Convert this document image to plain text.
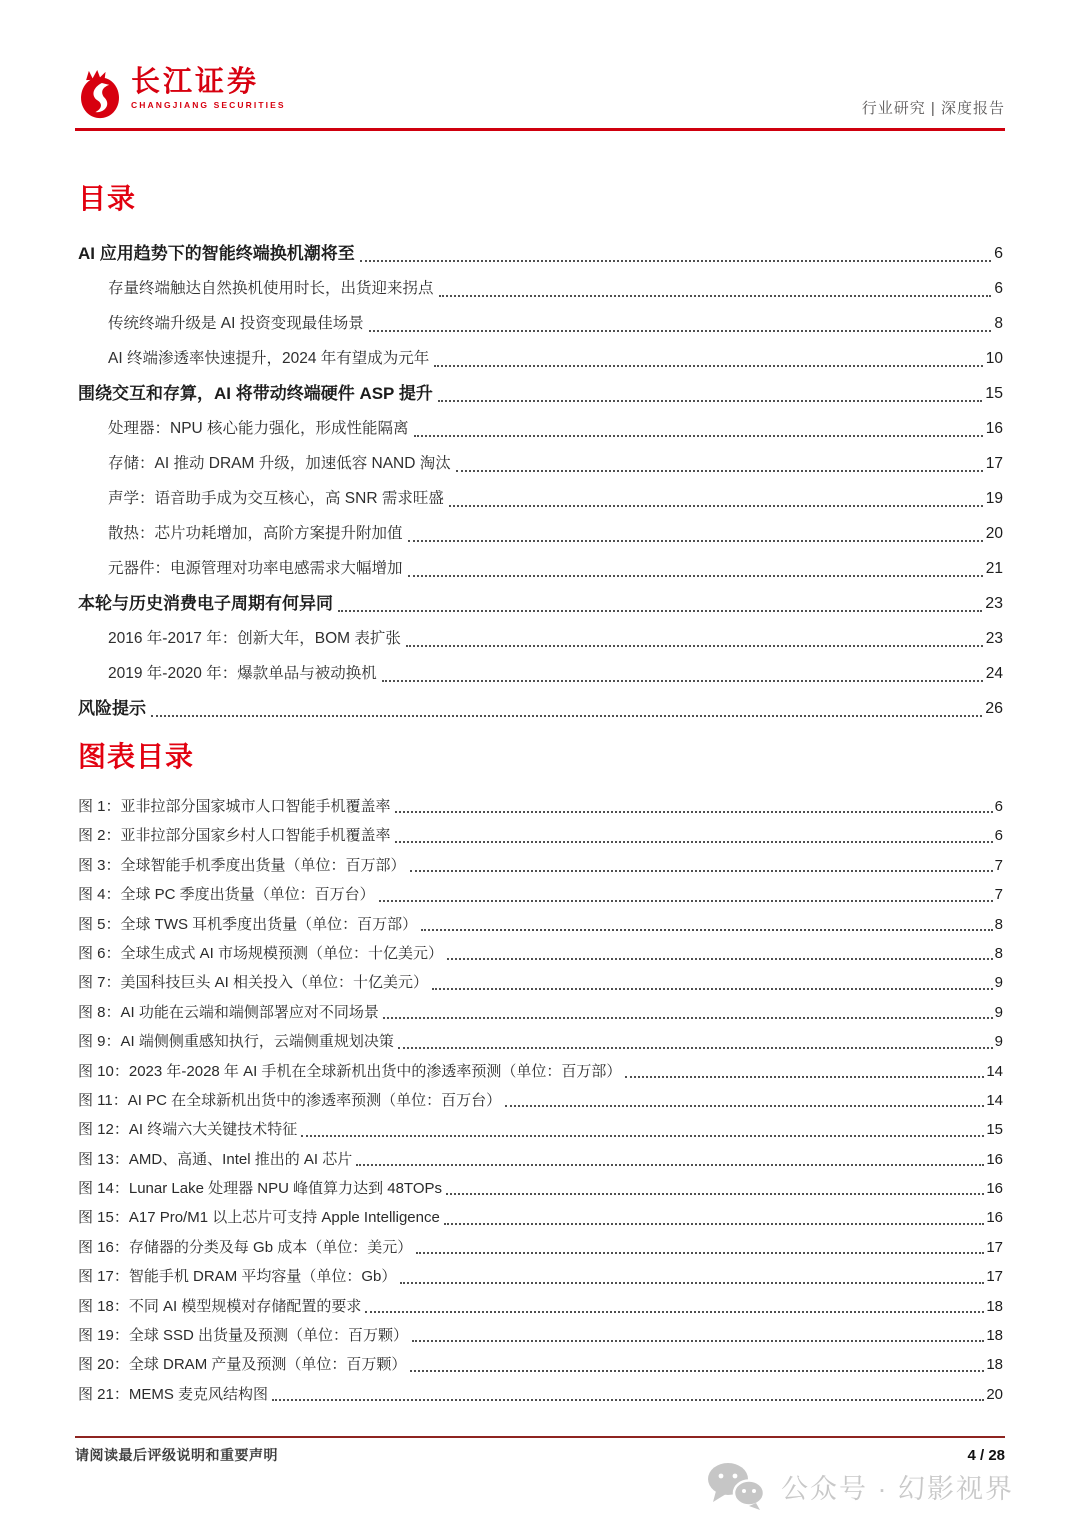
长江证券
CHANGJIANG SECURITIES	行业研究 | 深度报告
目录
AI 应用趋势下的智能终端换机潮将至	6
存量终端触达自然换机使用时长，出货迎来拐点	6
传统终端升级是 AI 投资变现最佳场景	8
AI 终端渗透率快速提升，2024 年有望成为元年	10
围绕交互和存算，AI 将带动终端硬件 ASP 提升	15
处理器：NPU 核心能力强化，形成性能隔离	16
存储：AI 推动 DRAM 升级，加速低容 NAND 淘汰	17
声学：语音助手成为交互核心，高 SNR 需求旺盛	19
散热：芯片功耗增加，高阶方案提升附加值	20
元器件：电源管理对功率电感需求大幅增加	21
本轮与历史消费电子周期有何异同	23
2016 年-2017 年：创新大年，BOM 表扩张	23
2019 年-2020 年：爆款单品与被动换机	24
风险提示	26
图表目录
图 1：亚非拉部分国家城市人口智能手机覆盖率	6
图 2：亚非拉部分国家乡村人口智能手机覆盖率	6
图 3：全球智能手机季度出货量（单位：百万部）	7
图 4：全球 PC 季度出货量（单位：百万台）	7
图 5：全球 TWS 耳机季度出货量（单位：百万部）	8
图 6：全球生成式 AI 市场规模预测（单位：十亿美元）	8
图 7：美国科技巨头 AI 相关投入（单位：十亿美元）	9
图 8：AI 功能在云端和端侧部署应对不同场景	9
图 9：AI 端侧侧重感知执行，云端侧重规划决策	9
图 10：2023 年-2028 年 AI 手机在全球新机出货中的渗透率预测（单位：百万部）	14
图 11：AI PC 在全球新机出货中的渗透率预测（单位：百万台）	14
图 12：AI 终端六大关键技术特征	15
图 13：AMD、高通、Intel 推出的 AI 芯片	16
图 14：Lunar Lake 处理器 NPU 峰值算力达到 48TOPs	16
图 15：A17 Pro/M1 以上芯片可支持 Apple Intelligence	16
图 16：存储器的分类及每 Gb 成本（单位：美元）	17
图 17：智能手机 DRAM 平均容量（单位：Gb）	17
图 18：不同 AI 模型规模对存储配置的要求	18
图 19：全球 SSD 出货量及预测（单位：百万颗）	18
图 20：全球 DRAM 产量及预测（单位：百万颗）	18
图 21：MEMS 麦克风结构图	20
请阅读最后评级说明和重要声明	4 / 28
公众号 · 幻影视界
